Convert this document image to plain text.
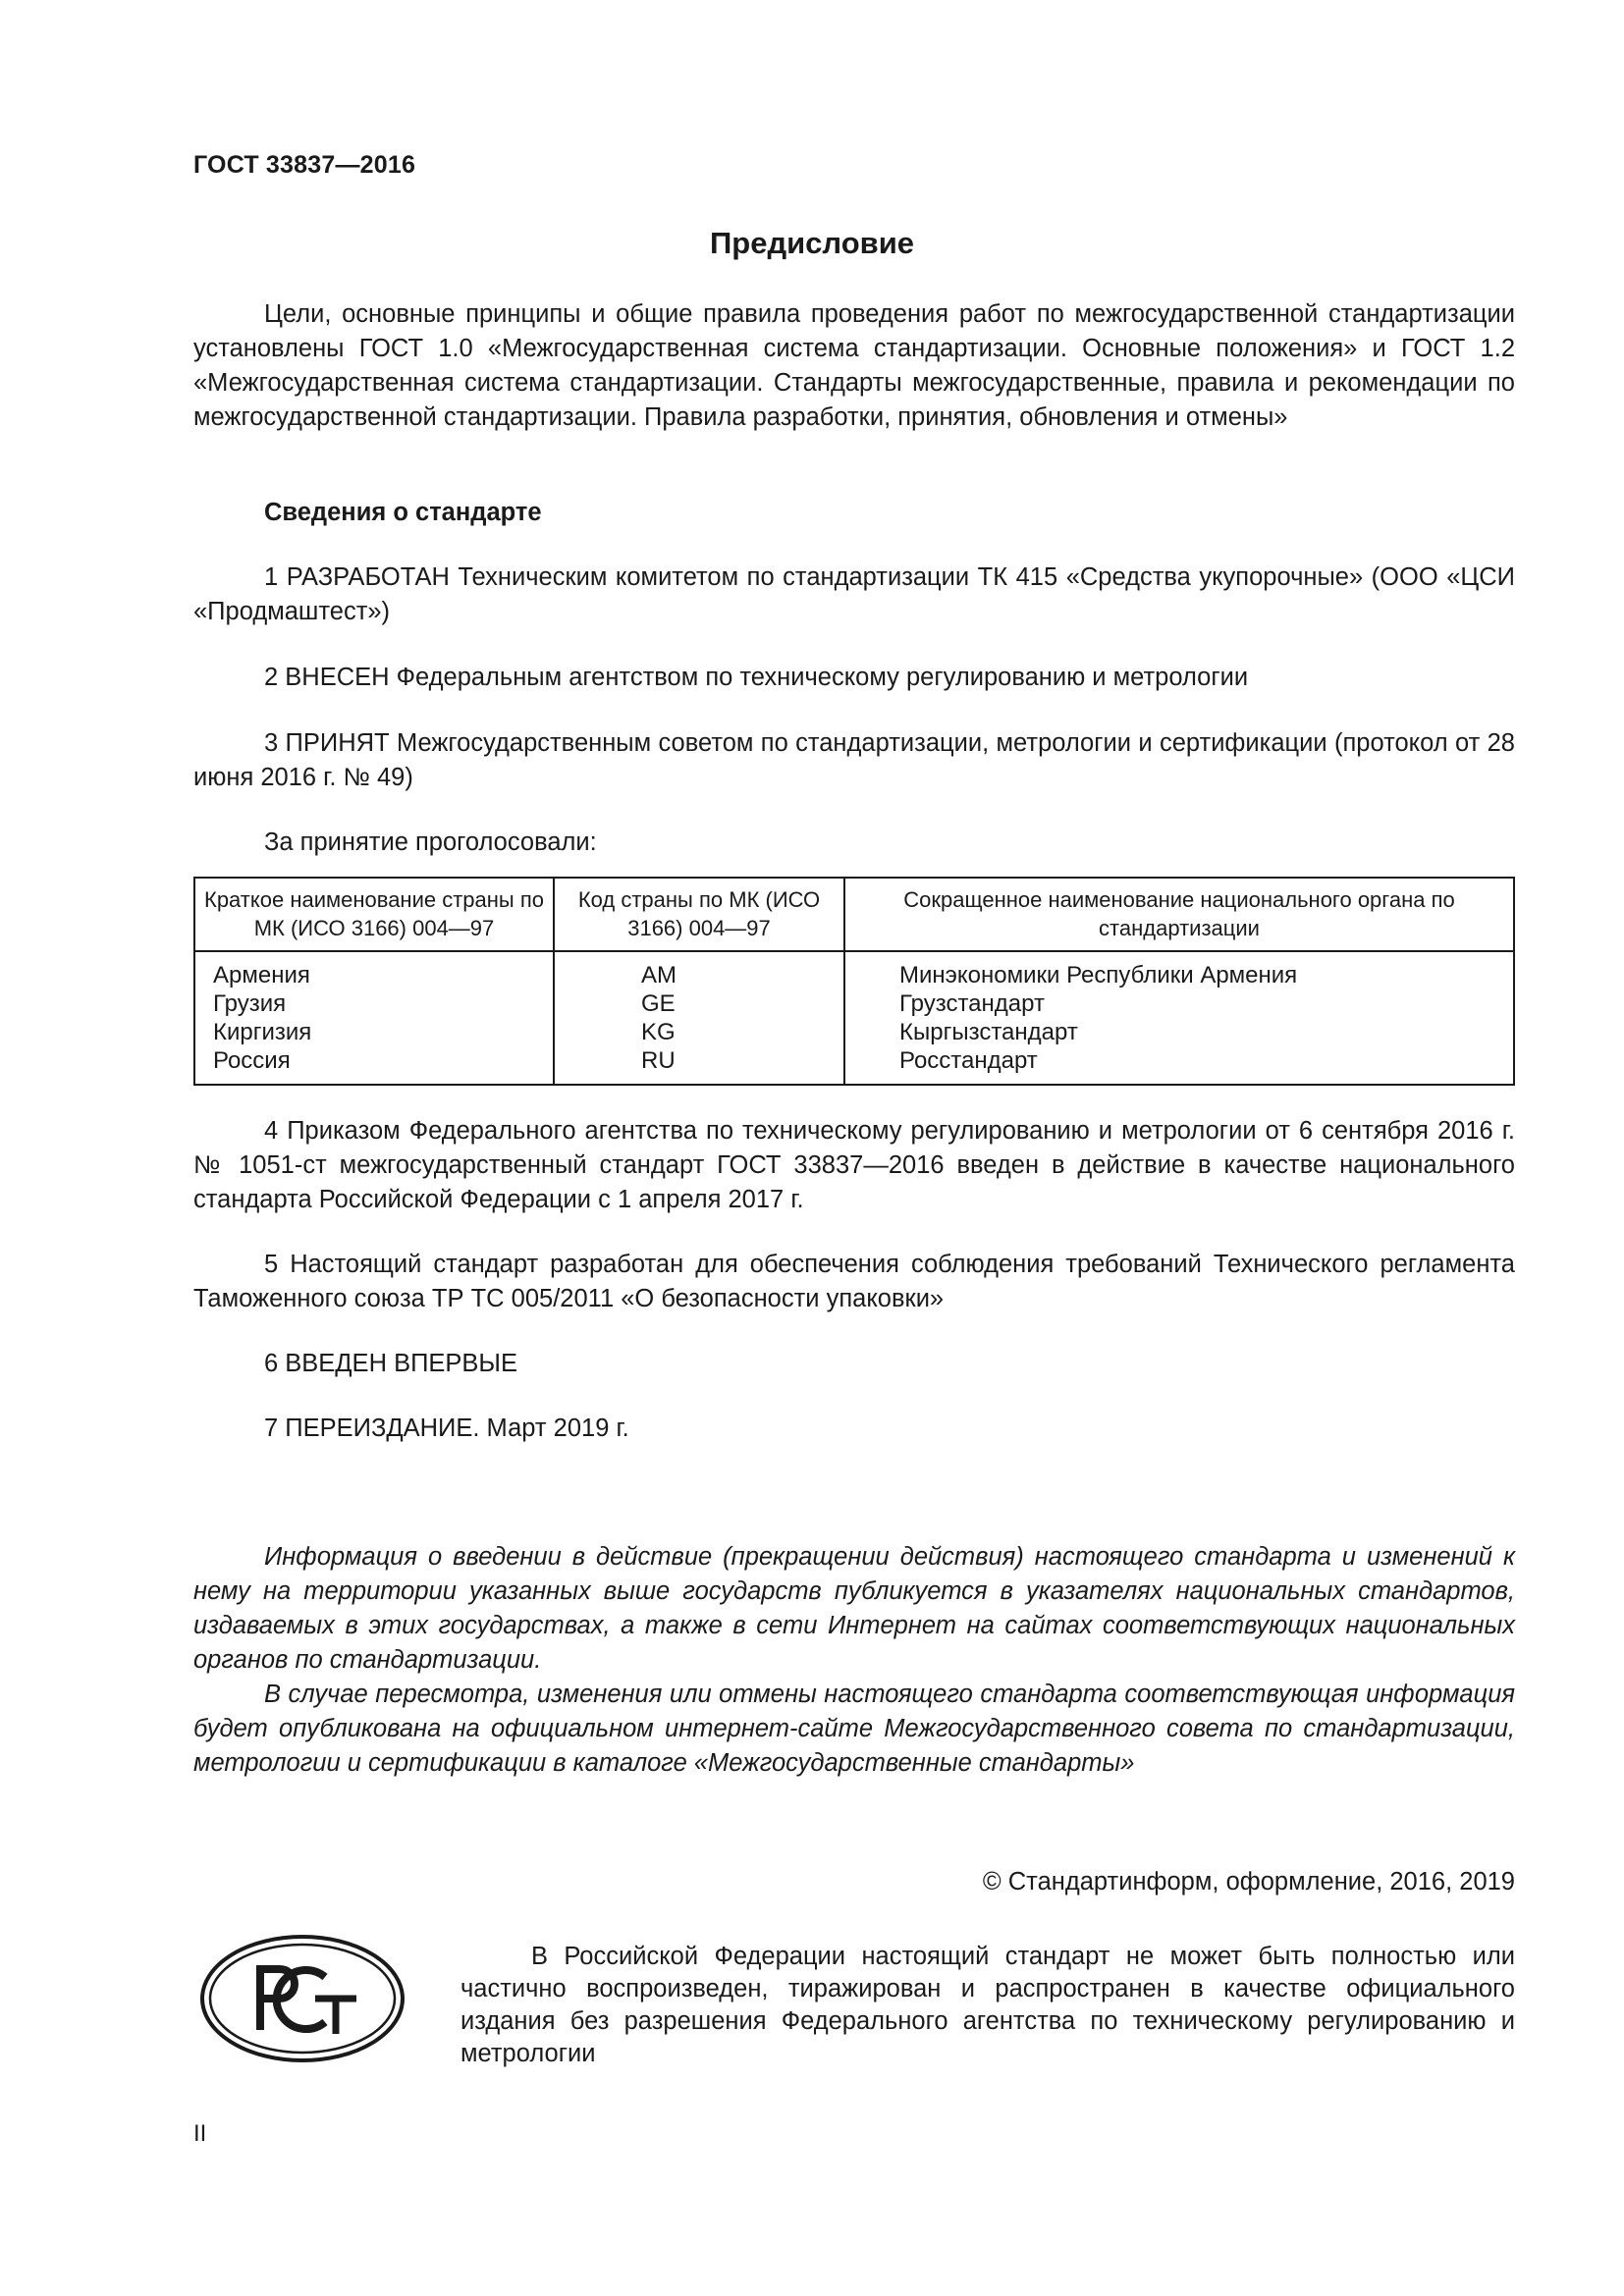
ГОСТ 33837—2016
Предисловие

Цели, основные принципы и общие правила проведения работ по межгосударственной стандартизации установлены ГОСТ 1.0 «Межгосударственная система стандартизации. Основные положения» и ГОСТ 1.2 «Межгосударственная система стандартизации. Стандарты межгосударственные, правила и рекомендации по межгосударственной стандартизации. Правила разработки, принятия, обновления и отмены»

Сведения о стандарте

1 РАЗРАБОТАН Техническим комитетом по стандартизации ТК 415 «Средства укупорочные» (ООО «ЦСИ «Продмаштест»)

2 ВНЕСЕН Федеральным агентством по техническому регулированию и метрологии

3 ПРИНЯТ Межгосударственным советом по стандартизации, метрологии и сертификации (протокол от 28 июня 2016 г. № 49)

За принятие проголосовали:

Краткое наименование страны по МК (ИСО 3166) 004—97	Код страны по МК (ИСО 3166) 004—97	Сокращенное наименование национального органа по стандартизации
Армения	AM	Минэкономики Республики Армения
Грузия	GE	Грузстандарт
Киргизия	KG	Кыргызстандарт
Россия	RU	Росстандарт

4 Приказом Федерального агентства по техническому регулированию и метрологии от 6 сентября 2016 г. № 1051-ст межгосударственный стандарт ГОСТ 33837—2016 введен в действие в качестве национального стандарта Российской Федерации с 1 апреля 2017 г.

5 Настоящий стандарт разработан для обеспечения соблюдения требований Технического регламента Таможенного союза ТР ТС 005/2011 «О безопасности упаковки»

6 ВВЕДЕН ВПЕРВЫЕ

7 ПЕРЕИЗДАНИЕ. Март 2019 г.

Информация о введении в действие (прекращении действия) настоящего стандарта и изменений к нему на территории указанных выше государств публикуется в указателях национальных стандартов, издаваемых в этих государствах, а также в сети Интернет на сайтах соответствующих национальных органов по стандартизации.

В случае пересмотра, изменения или отмены настоящего стандарта соответствующая информация будет опубликована на официальном интернет-сайте Межгосударственного совета по стандартизации, метрологии и сертификации в каталоге «Межгосударственные стандарты»

© Стандартинформ, оформление, 2016, 2019

В Российской Федерации настоящий стандарт не может быть полностью или частично воспроизведен, тиражирован и распространен в качестве официального издания без разрешения Федерального агентства по техническому регулированию и метрологии

II
